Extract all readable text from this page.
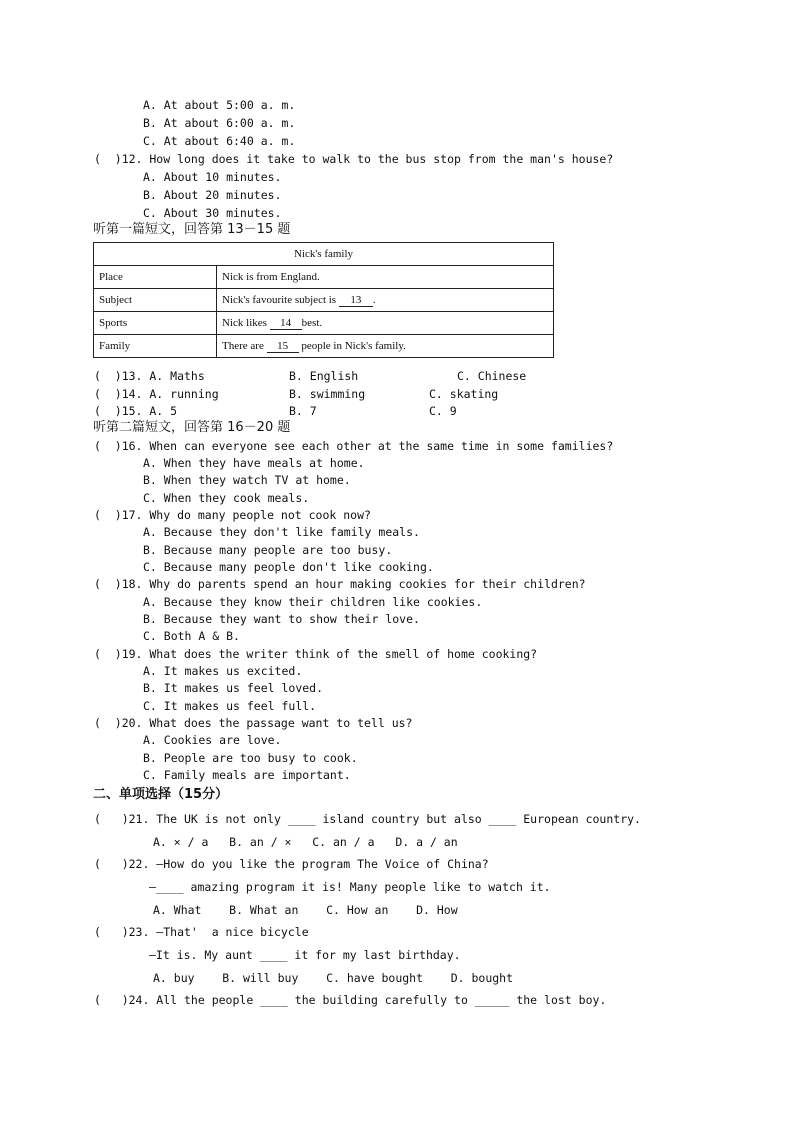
A. At about 5:00 a. m.
B. At about 6:00 a. m.
C. At about 6:40 a. m.
(  )12. How long does it take to walk to the bus stop from the man's house?
A. About 10 minutes.
B. About 20 minutes.
C. About 30 minutes.
听第一篇短文，回答第 13－15 题
Nick's family	
Place	Nick is from England.
Subject	Nick's favourite subject is 13 .
Sports	Nick likes 14 best.
Family	There are 15 people in Nick's family.
(  )13. A. Maths	B. English	C. Chinese
(  )14. A. running	B. swimming	C. skating
(  )15. A. 5	B. 7	C. 9
听第二篇短文，回答第 16－20 题
(  )16. When can everyone see each other at the same time in some families?
A. When they have meals at home.
B. When they watch TV at home.
C. When they cook meals.
(  )17. Why do many people not cook now?
A. Because they don't like family meals.
B. Because many people are too busy.
C. Because many people don't like cooking.
(  )18. Why do parents spend an hour making cookies for their children?
A. Because they know their children like cookies.
B. Because they want to show their love.
C. Both A & B.
(  )19. What does the writer think of the smell of home cooking?
A. It makes us excited.
B. It makes us feel loved.
C. It makes us feel full.
(  )20. What does the passage want to tell us?
A. Cookies are love.
B. People are too busy to cook.
C. Family meals are important.
二、单项选择（15分）
(   )21. The UK is not only ____ island country but also ____ European country.
A. × / a   B. an / ×   C. an / a   D. a / an
(   )22. —How do you like the program The Voice of China?
—____ amazing program it is! Many people like to watch it.
A. What    B. What an    C. How an    D. How
(   )23. —That'  a nice bicycle
—It is. My aunt ____ it for my last birthday.
A. buy    B. will buy    C. have bought    D. bought
(   )24. All the people ____ the building carefully to _____ the lost boy.
